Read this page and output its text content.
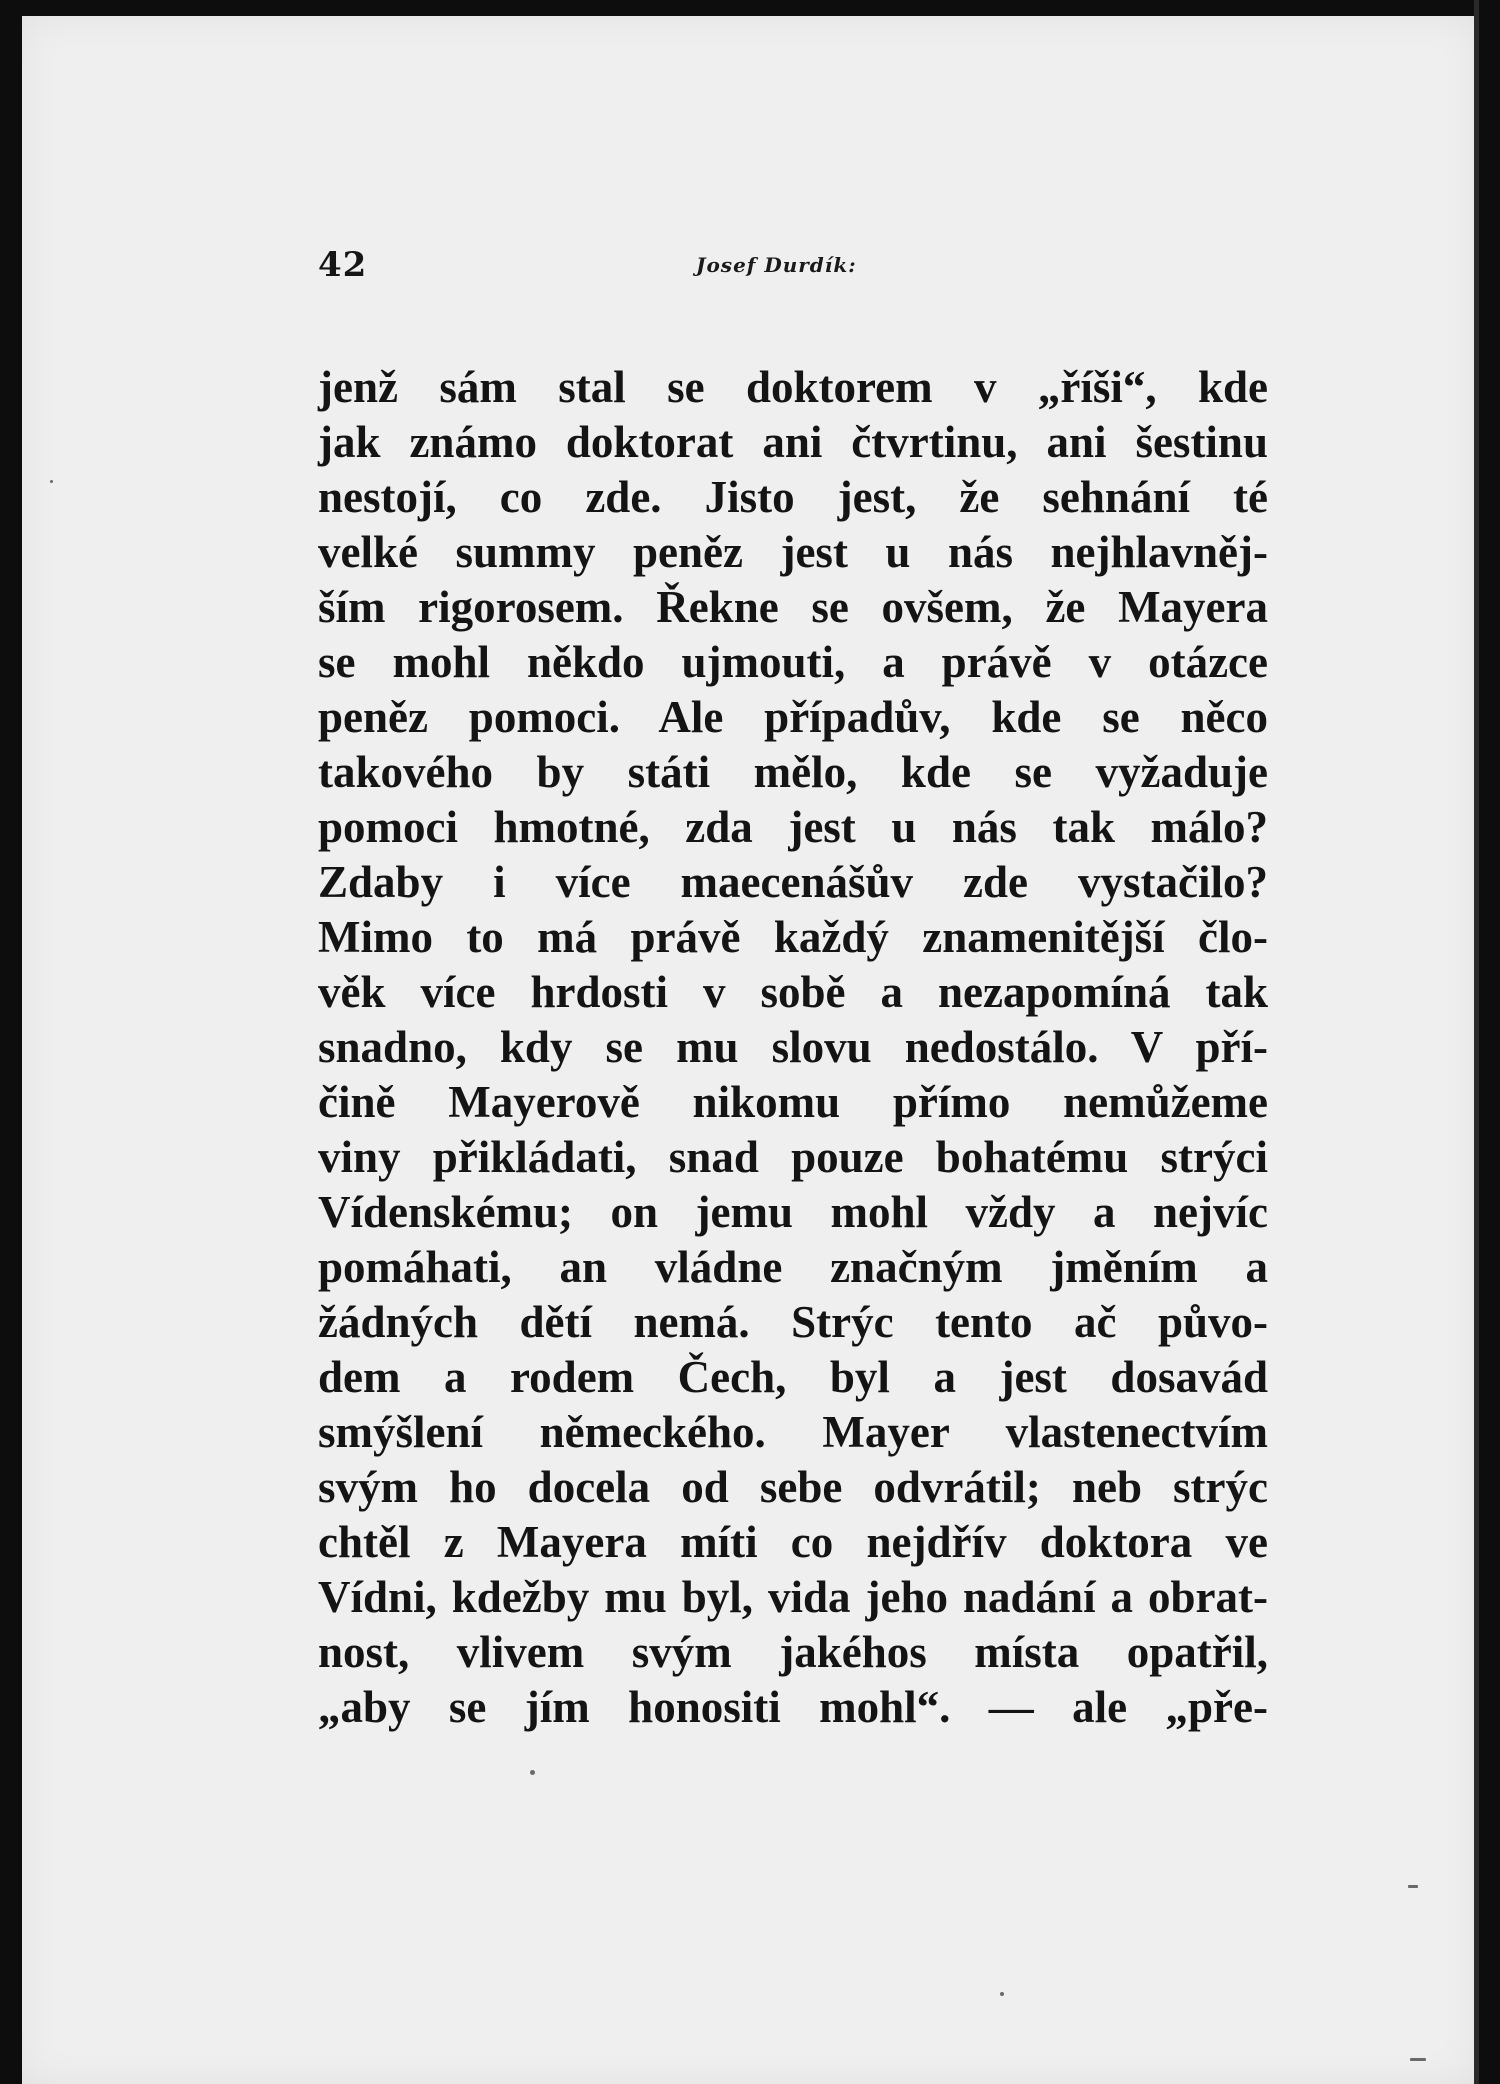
42	Josef Durdík:
jenž sám stal se doktorem v „říši“, kde
jak známo doktorat ani čtvrtinu, ani šestinu
nestojí, co zde. Jisto jest, že sehnání té
velké summy peněz jest u nás nejhlavněj-
ším rigorosem. Řekne se ovšem, že Mayera
se mohl někdo ujmouti, a právě v otázce
peněz pomoci. Ale případův, kde se něco
takového by státi mělo, kde se vyžaduje
pomoci hmotné, zda jest u nás tak málo?
Zdaby i více maecenášův zde vystačilo?
Mimo to má právě každý znamenitější člo-
věk více hrdosti v sobě a nezapomíná tak
snadno, kdy se mu slovu nedostálo. V pří-
čině Mayerově nikomu přímo nemůžeme
viny přikládati, snad pouze bohatému strýci
Vídenskému; on jemu mohl vždy a nejvíc
pomáhati, an vládne značným jměním a
žádných dětí nemá. Strýc tento ač půvo-
dem a rodem Čech, byl a jest dosavád
smýšlení německého. Mayer vlastenectvím
svým ho docela od sebe odvrátil; neb strýc
chtěl z Mayera míti co nejdřív doktora ve
Vídni, kdežby mu byl, vida jeho nadání a obrat-
nost, vlivem svým jakéhos místa opatřil,
„aby se jím honositi mohl“. — ale „pře-
